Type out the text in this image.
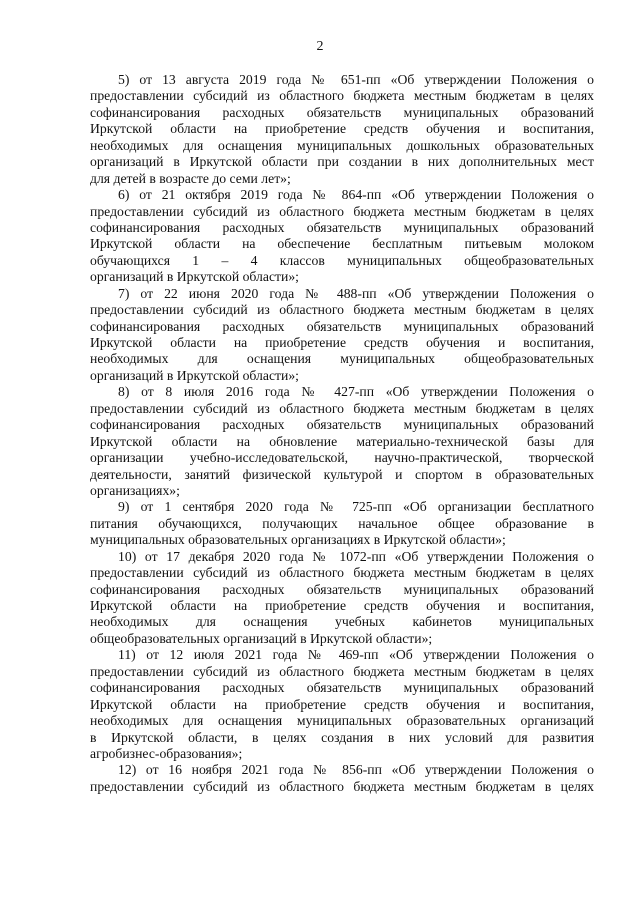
2
5) от 13 августа 2019 года № 651-пп «Об утверждении Положения о
предоставлении субсидий из областного бюджета местным бюджетам в целях
софинансирования расходных обязательств муниципальных образований
Иркутской области на приобретение средств обучения и воспитания,
необходимых для оснащения муниципальных дошкольных образовательных
организаций в Иркутской области при создании в них дополнительных мест
для детей в возрасте до семи лет»;
6) от 21 октября 2019 года № 864-пп «Об утверждении Положения о
предоставлении субсидий из областного бюджета местным бюджетам в целях
софинансирования расходных обязательств муниципальных образований
Иркутской области на обеспечение бесплатным питьевым молоком
обучающихся 1 – 4 классов муниципальных общеобразовательных
организаций в Иркутской области»;
7) от 22 июня 2020 года № 488-пп «Об утверждении Положения о
предоставлении субсидий из областного бюджета местным бюджетам в целях
софинансирования расходных обязательств муниципальных образований
Иркутской области на приобретение средств обучения и воспитания,
необходимых для оснащения муниципальных общеобразовательных
организаций в Иркутской области»;
8) от 8 июля 2016 года № 427-пп «Об утверждении Положения о
предоставлении субсидий из областного бюджета местным бюджетам в целях
софинансирования расходных обязательств муниципальных образований
Иркутской области на обновление материально-технической базы для
организации учебно-исследовательской, научно-практической, творческой
деятельности, занятий физической культурой и спортом в образовательных
организациях»;
9) от 1 сентября 2020 года № 725-пп «Об организации бесплатного
питания обучающихся, получающих начальное общее образование в
муниципальных образовательных организациях в Иркутской области»;
10) от 17 декабря 2020 года № 1072-пп «Об утверждении Положения о
предоставлении субсидий из областного бюджета местным бюджетам в целях
софинансирования расходных обязательств муниципальных образований
Иркутской области на приобретение средств обучения и воспитания,
необходимых для оснащения учебных кабинетов муниципальных
общеобразовательных организаций в Иркутской области»;
11) от 12 июля 2021 года № 469-пп «Об утверждении Положения о
предоставлении субсидий из областного бюджета местным бюджетам в целях
софинансирования расходных обязательств муниципальных образований
Иркутской области на приобретение средств обучения и воспитания,
необходимых для оснащения муниципальных образовательных организаций
в Иркутской области, в целях создания в них условий для развития
агробизнес-образования»;
12) от 16 ноября 2021 года № 856-пп «Об утверждении Положения о
предоставлении субсидий из областного бюджета местным бюджетам в целях
